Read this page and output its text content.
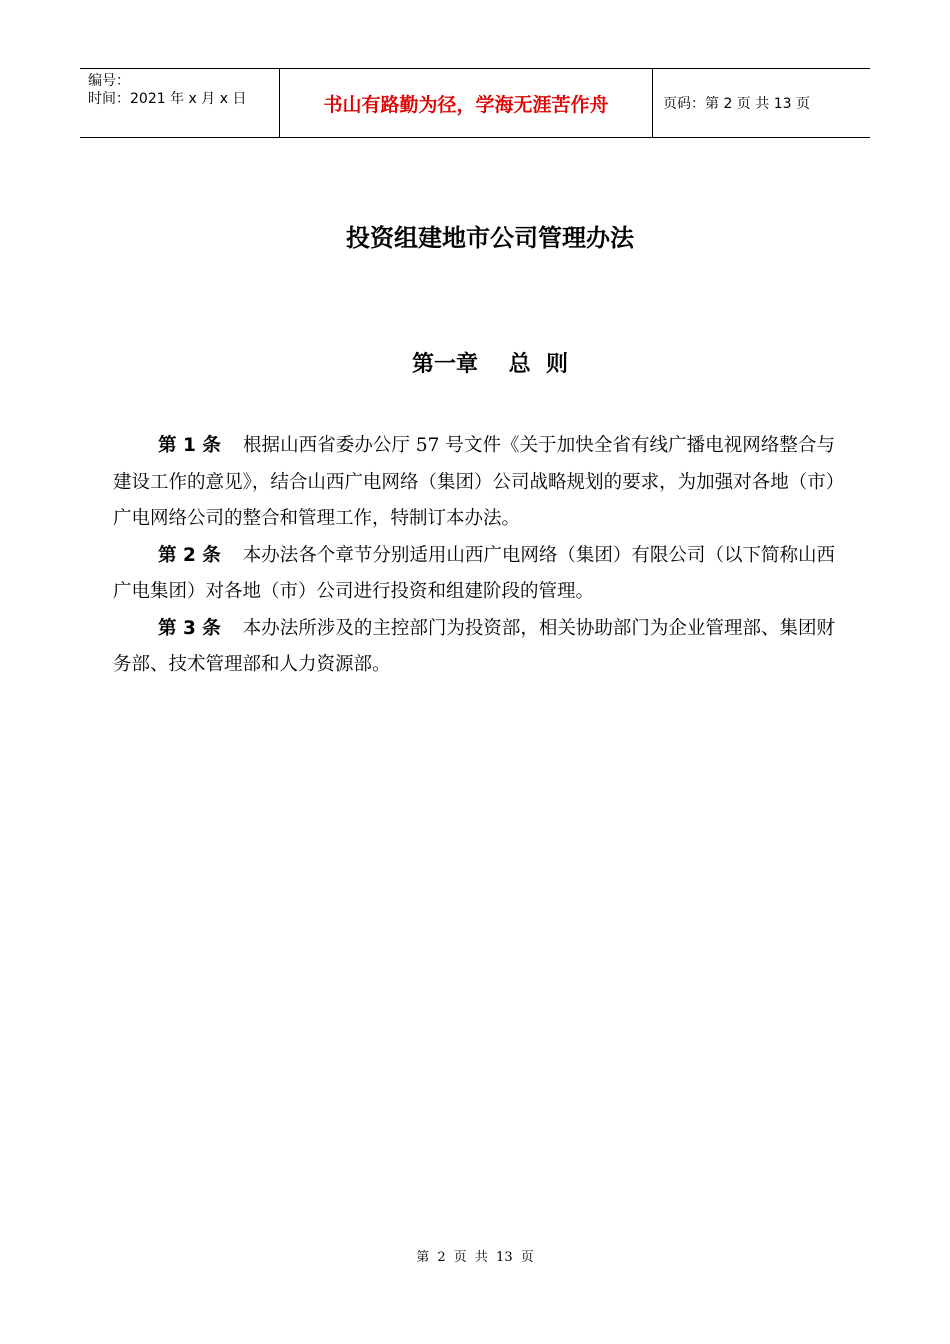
编号：
时间：2021 年 x 月 x 日	书山有路勤为径，学海无涯苦作舟	页码：第 2 页 共 13 页
投资组建地市公司管理办法
第一章    总  则

第 1 条 根据山西省委办公厅 57 号文件《关于加快全省有线广播电视网络整合与建设工作的意见》，结合山西广电网络（集团）公司战略规划的要求，为加强对各地（市）广电网络公司的整合和管理工作，特制订本办法。

第 2 条 本办法各个章节分别适用山西广电网络（集团）有限公司（以下简称山西广电集团）对各地（市）公司进行投资和组建阶段的管理。

第 3 条 本办法所涉及的主控部门为投资部，相关协助部门为企业管理部、集团财务部、技术管理部和人力资源部。

第 2 页 共 13 页
